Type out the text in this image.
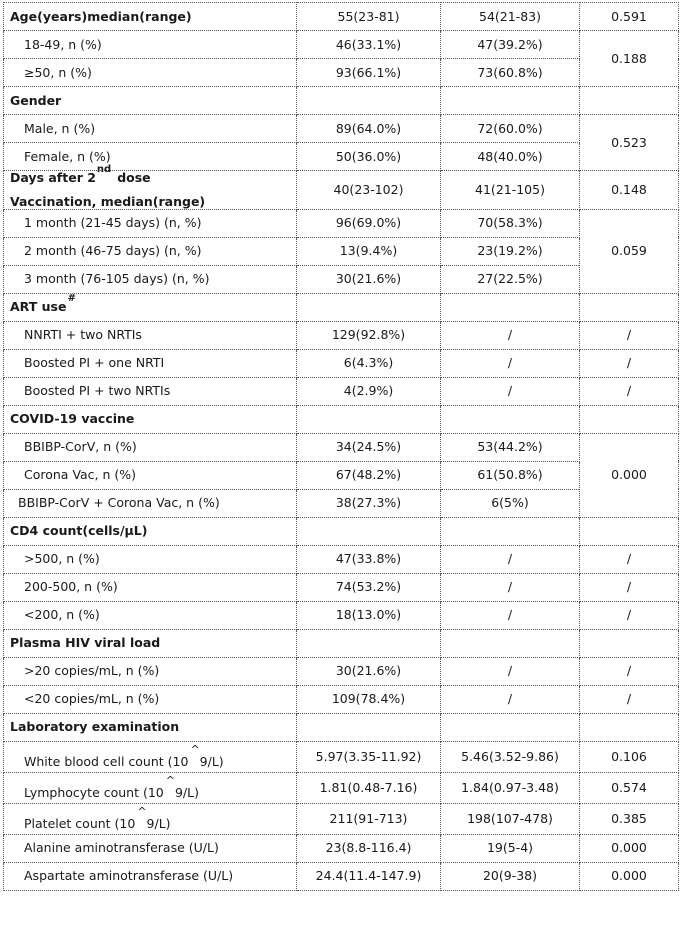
Age(years)median(range)	55(23-81)	54(21-83)	0.591
18-49, n (%)	46(33.1%)	47(39.2%)	0.188
≥50, n (%)	93(66.1%)	73(60.8%)	
Gender			
Male, n (%)	89(64.0%)	72(60.0%)	0.523
Female, n (%)	50(36.0%)	48(40.0%)	

Days after 2nddose
Vaccination, median(range)	40(23-102)	41(21-105)	0.148
1 month (21-45 days) (n, %)	96(69.0%)	70(58.3%)	0.059
2 month (46-75 days) (n, %)	13(9.4%)	23(19.2%)	
3 month (76-105 days) (n, %)	30(21.6%)	27(22.5%)	
ART use#			
NNRTI + two NRTIs	129(92.8%)	/	/
Boosted PI + one NRTI	6(4.3%)	/	/
Boosted PI + two NRTIs	4(2.9%)	/	/
COVID-19 vaccine			
BBIBP-CorV, n (%)	34(24.5%)	53(44.2%)	0.000
Corona Vac, n (%)	67(48.2%)	61(50.8%)	
BBIBP-CorV + Corona Vac, n (%)	38(27.3%)	6(5%)	
CD4 count(cells/μL)			
>500, n (%)	47(33.8%)	/	/
200-500, n (%)	74(53.2%)	/	/
<200, n (%)	18(13.0%)	/	/
Plasma HIV viral load			
>20 copies/mL, n (%)	30(21.6%)	/	/
<20 copies/mL, n (%)	109(78.4%)	/	/
Laboratory examination			
White blood cell count (10^9/L)	5.97(3.35-11.92)	5.46(3.52-9.86)	0.106
Lymphocyte count (10^9/L)	1.81(0.48-7.16)	1.84(0.97-3.48)	0.574
Platelet count (10^9/L)	211(91-713)	198(107-478)	0.385
Alanine aminotransferase (U/L)	23(8.8-116.4)	19(5-4)	0.000
Aspartate aminotransferase (U/L)	24.4(11.4-147.9)	20(9-38)	0.000
